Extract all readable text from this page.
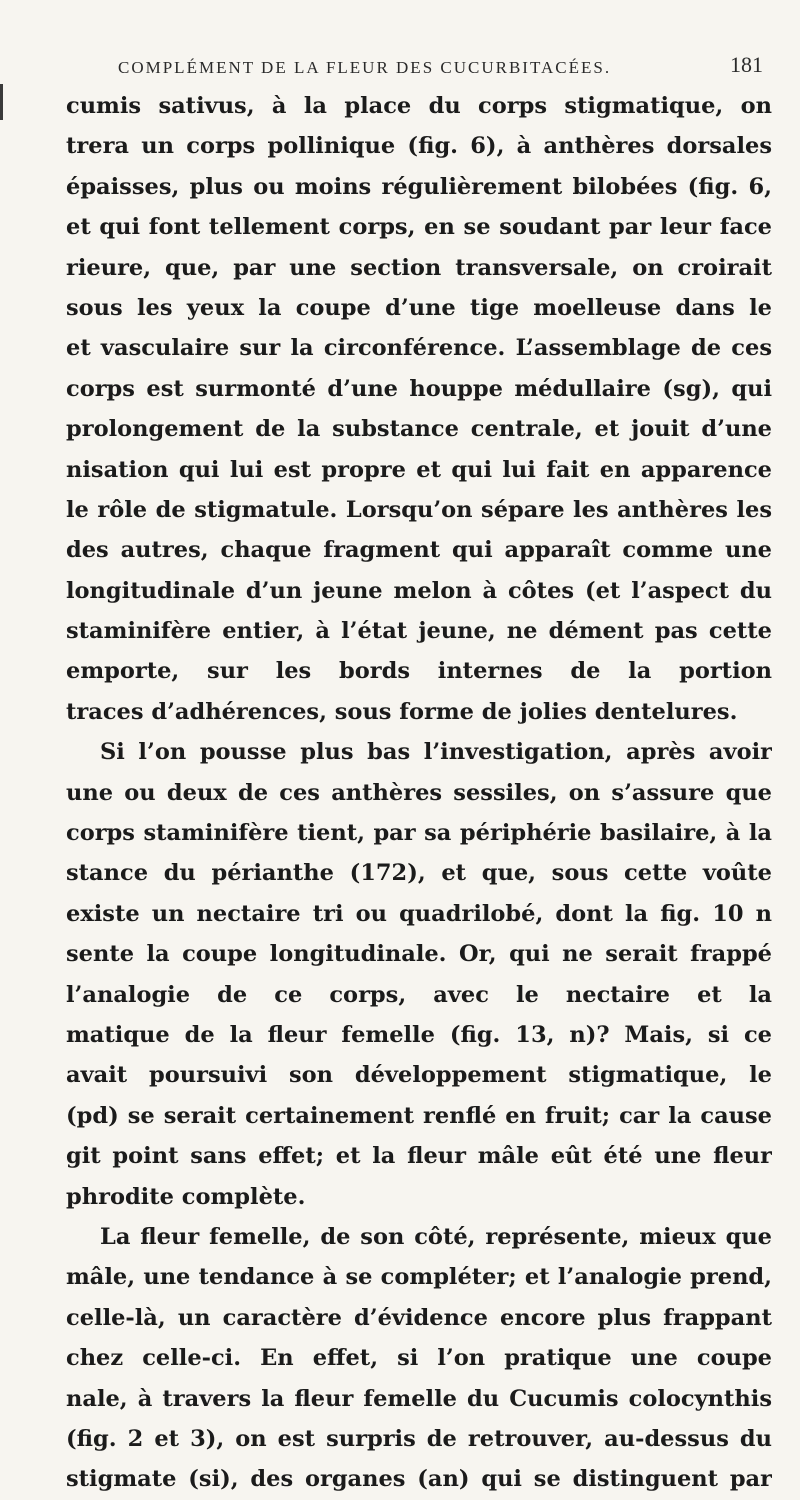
COMPLÉMENT DE LA FLEUR DES CUCURBITACÉES.	181
cumis sativus, à la place du corps stigmatique, on
trera un corps pollinique (fig. 6), à anthères dorsales
épaisses, plus ou moins régulièrement bilobées (fig. 6,
et qui font tellement corps, en se soudant par leur face
rieure, que, par une section transversale, on croirait
sous les yeux la coupe d’une tige moelleuse dans le
et vasculaire sur la circonférence. L’assemblage de ces
corps est surmonté d’une houppe médullaire (sg), qui
prolongement de la substance centrale, et jouit d’une
nisation qui lui est propre et qui lui fait en apparence
le rôle de stigmatule. Lorsqu’on sépare les anthères les
des autres, chaque fragment qui apparaît comme une
longitudinale d’un jeune melon à côtes (et l’aspect du
staminifère entier, à l’état jeune, ne dément pas cette
emporte, sur les bords internes de la portion
traces d’adhérences, sous forme de jolies dentelures.
Si l’on pousse plus bas l’investigation, après avoir
une ou deux de ces anthères sessiles, on s’assure que
corps staminifère tient, par sa périphérie basilaire, à la
stance du périanthe (172), et que, sous cette voûte
existe un nectaire tri ou quadrilobé, dont la fig. 10 n
sente la coupe longitudinale. Or, qui ne serait frappé
l’analogie de ce corps, avec le nectaire et la
matique de la fleur femelle (fig. 13, n)? Mais, si ce
avait poursuivi son développement stigmatique, le
(pd) se serait certainement renflé en fruit; car la cause
git point sans effet; et la fleur mâle eût été une fleur
phrodite complète.
La fleur femelle, de son côté, représente, mieux que
mâle, une tendance à se compléter; et l’analogie prend,
celle-là, un caractère d’évidence encore plus frappant
chez celle-ci. En effet, si l’on pratique une coupe
nale, à travers la fleur femelle du Cucumis colocynthis
(fig. 2 et 3), on est surpris de retrouver, au-dessus du
stigmate (si), des organes (an) qui se distinguent par
